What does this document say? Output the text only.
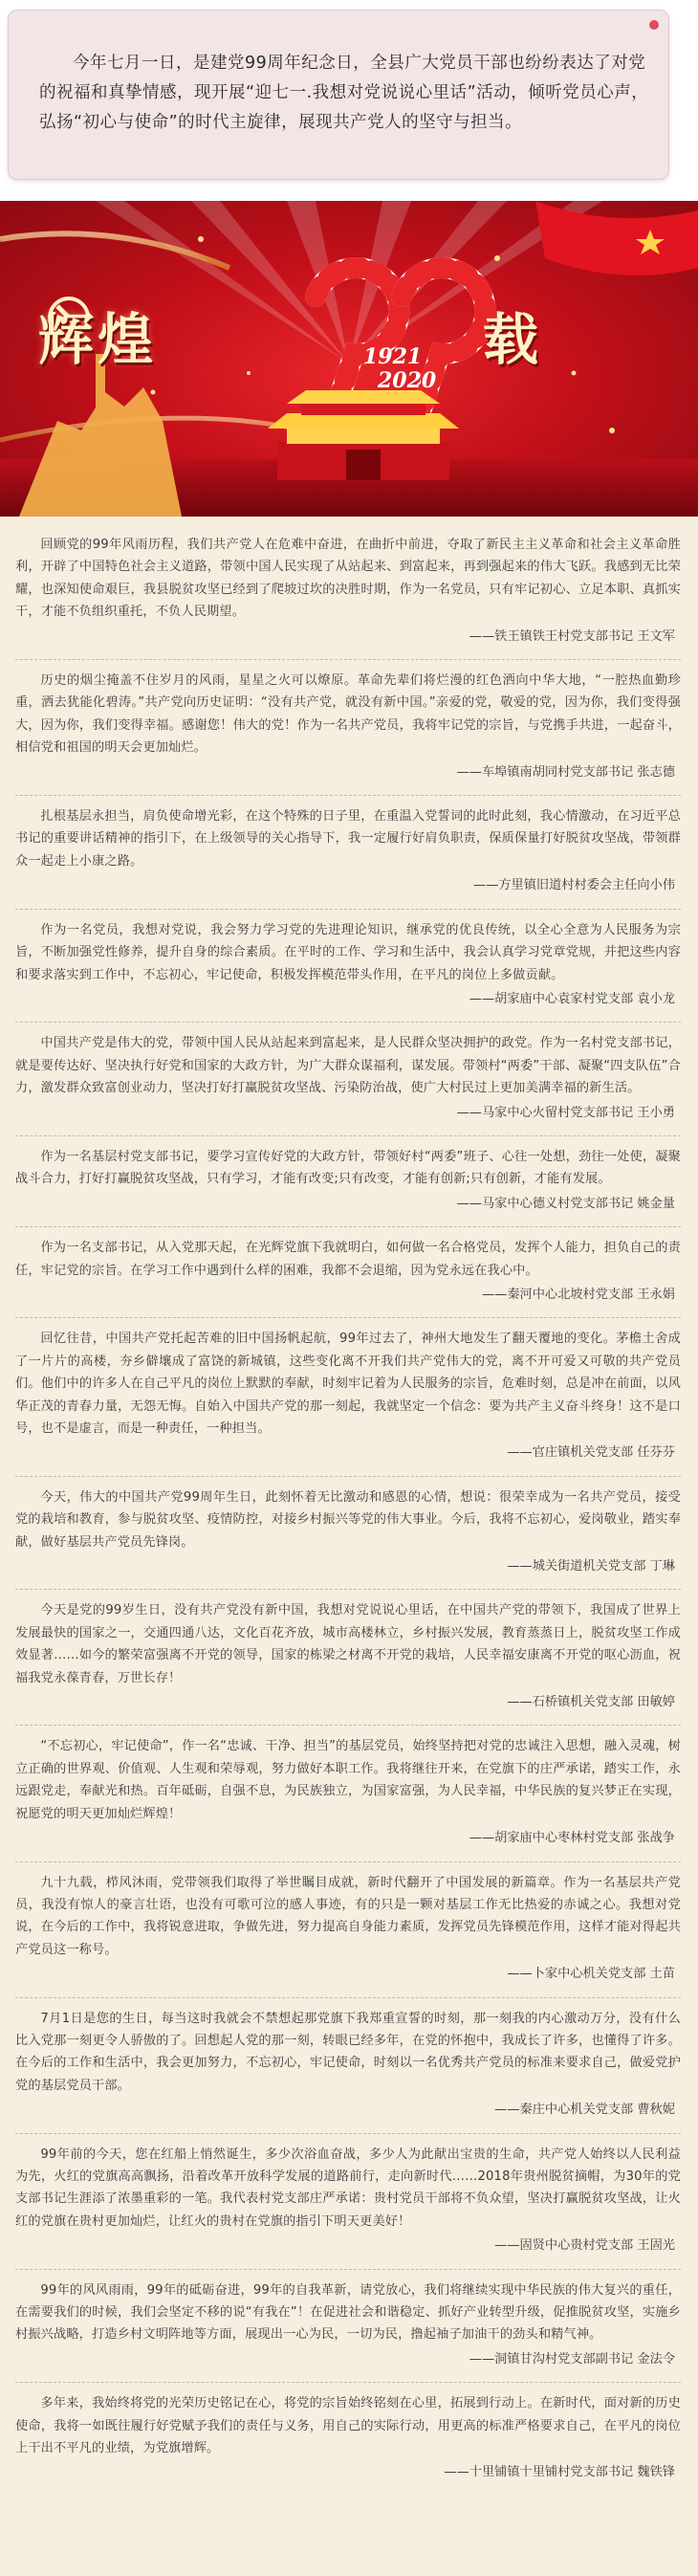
今年七月一日，是建党99周年纪念日，全县广大党员干部也纷纷表达了对党的祝福和真挚情感，现开展“迎七一.我想对党说说心里话”活动，倾听党员心声，弘扬“初心与使命”的时代主旋律，展现共产党人的坚守与担当。

辉煌	载
1921
2020

回顾党的99年风雨历程，我们共产党人在危难中奋进，在曲折中前进，夺取了新民主主义革命和社会主义革命胜利，开辟了中国特色社会主义道路，带领中国人民实现了从站起来、到富起来，再到强起来的伟大飞跃。我感到无比荣耀，也深知使命艰巨，我县脱贫攻坚已经到了爬坡过坎的决胜时期，作为一名党员，只有牢记初心、立足本职、真抓实干，才能不负组织重托，不负人民期望。

——铁王镇铁王村党支部书记 王文军

历史的烟尘掩盖不住岁月的风雨，星星之火可以燎原。革命先辈们将烂漫的红色洒向中华大地，“一腔热血勤珍重，洒去犹能化碧涛。”共产党向历史证明：“没有共产党，就没有新中国。”亲爱的党，敬爱的党，因为你，我们变得强大，因为你，我们变得幸福。感谢您！伟大的党！作为一名共产党员，我将牢记党的宗旨，与党携手共进，一起奋斗，相信党和祖国的明天会更加灿烂。

——车埠镇南胡同村党支部书记 张志德

扎根基层永担当，肩负使命增光彩，在这个特殊的日子里，在重温入党誓词的此时此刻，我心情激动，在习近平总书记的重要讲话精神的指引下，在上级领导的关心指导下，我一定履行好肩负职责，保质保量打好脱贫攻坚战，带领群众一起走上小康之路。

——方里镇旧道村村委会主任向小伟

作为一名党员，我想对党说，我会努力学习党的先进理论知识，继承党的优良传统，以全心全意为人民服务为宗旨，不断加强党性修养，提升自身的综合素质。在平时的工作、学习和生活中，我会认真学习党章党规，并把这些内容和要求落实到工作中，不忘初心，牢记使命，积极发挥模范带头作用，在平凡的岗位上多做贡献。

——胡家庙中心袁家村党支部 袁小龙

中国共产党是伟大的党，带领中国人民从站起来到富起来，是人民群众坚决拥护的政党。作为一名村党支部书记，就是要传达好、坚决执行好党和国家的大政方针，为广大群众谋福利，谋发展。带领村“两委”干部、凝聚“四支队伍”合力，激发群众致富创业动力，坚决打好打赢脱贫攻坚战、污染防治战，使广大村民过上更加美满幸福的新生活。

——马家中心火留村党支部书记 王小勇

作为一名基层村党支部书记，要学习宣传好党的大政方针，带领好村“两委”班子、心往一处想，劲往一处使，凝聚战斗合力，打好打赢脱贫攻坚战，只有学习，才能有改变;只有改变，才能有创新;只有创新，才能有发展。

——马家中心德义村党支部书记 姚金量

作为一名支部书记，从入党那天起，在光辉党旗下我就明白，如何做一名合格党员，发挥个人能力，担负自己的责任，牢记党的宗旨。在学习工作中遇到什么样的困难，我都不会退缩，因为党永远在我心中。

——秦河中心北坡村党支部 王永娟

回忆往昔，中国共产党托起苦难的旧中国扬帆起航，99年过去了，神州大地发生了翻天覆地的变化。茅檐土舍成了一片片的高楼，夯乡僻壤成了富饶的新城镇，这些变化离不开我们共产党伟大的党，离不开可爱又可敬的共产党员们。他们中的许多人在自己平凡的岗位上默默的奉献，时刻牢记着为人民服务的宗旨，危难时刻，总是冲在前面，以风华正茂的青春力量，无怨无悔。自始入中国共产党的那一刻起，我就坚定一个信念：要为共产主义奋斗终身！这不是口号，也不是虚言，而是一种责任，一种担当。

——官庄镇机关党支部 任芬芬

今天，伟大的中国共产党99周年生日，此刻怀着无比激动和感恩的心情，想说：很荣幸成为一名共产党员，接受党的栽培和教育，参与脱贫攻坚、疫情防控，对接乡村振兴等党的伟大事业。今后，我将不忘初心，爱岗敬业，踏实奉献，做好基层共产党员先锋岗。

——城关街道机关党支部 丁琳

今天是党的99岁生日，没有共产党没有新中国，我想对党说说心里话，在中国共产党的带领下，我国成了世界上发展最快的国家之一，交通四通八达，文化百花齐放，城市高楼林立，乡村振兴发展，教育蒸蒸日上，脱贫攻坚工作成效显著……如今的繁荣富强离不开党的领导，国家的栋梁之材离不开党的栽培，人民幸福安康离不开党的呕心沥血，祝福我党永葆青春，万世长存！

——石桥镇机关党支部 田敏婷

“不忘初心，牢记使命”，作一名“忠诚、干净、担当”的基层党员，始终坚持把对党的忠诚注入思想，融入灵魂，树立正确的世界观、价值观、人生观和荣辱观，努力做好本职工作。我将继往开来，在党旗下的庄严承诺，踏实工作，永远跟党走，奉献光和热。百年砥砺，自强不息，为民族独立，为国家富强，为人民幸福，中华民族的复兴梦正在实现，祝愿党的明天更加灿烂辉煌！

——胡家庙中心枣林村党支部 张战争

九十九载，栉风沐雨，党带领我们取得了举世瞩目成就，新时代翻开了中国发展的新篇章。作为一名基层共产党员，我没有惊人的豪言壮语，也没有可歌可泣的感人事迹，有的只是一颗对基层工作无比热爱的赤诚之心。我想对党说，在今后的工作中，我将锐意进取，争做先进，努力提高自身能力素质，发挥党员先锋模范作用，这样才能对得起共产党员这一称号。

——卜家中心机关党支部 土苗

7月1日是您的生日，每当这时我就会不禁想起那党旗下我郑重宣誓的时刻，那一刻我的内心激动万分，没有什么比入党那一刻更令人骄傲的了。回想起人党的那一刻，转眼已经多年，在党的怀抱中，我成长了许多，也懂得了许多。在今后的工作和生活中，我会更加努力，不忘初心，牢记使命，时刻以一名优秀共产党员的标准来要求自己，做爱党护党的基层党员干部。

——秦庄中心机关党支部 曹秋妮

99年前的今天，您在红船上悄然诞生，多少次浴血奋战，多少人为此献出宝贵的生命，共产党人始终以人民利益为先，火红的党旗高高飘扬，沿着改革开放科学发展的道路前行，走向新时代……2018年贵州脱贫摘帽，为30年的党支部书记生涯添了浓墨重彩的一笔。我代表村党支部庄严承诺：贵村党员干部将不负众望，坚决打赢脱贫攻坚战，让火红的党旗在贵村更加灿烂，让红火的贵村在党旗的指引下明天更美好！

——固贤中心贵村党支部 王固光

99年的风风雨雨，99年的砥砺奋进，99年的自我革新，请党放心，我们将继续实现中华民族的伟大复兴的重任，在需要我们的时候，我们会坚定不移的说“有我在”！在促进社会和谐稳定、抓好产业转型升级，促推脱贫攻坚，实施乡村振兴战略，打造乡村文明阵地等方面，展现出一心为民，一切为民，撸起袖子加油干的劲头和精气神。

——洞镇甘沟村党支部副书记 金法令

多年来，我始终将党的光荣历史铭记在心，将党的宗旨始终铭刻在心里，拓展到行动上。在新时代，面对新的历史使命，我将一如既往履行好党赋予我们的责任与义务，用自己的实际行动，用更高的标准严格要求自己，在平凡的岗位上干出不平凡的业绩，为党旗增辉。

——十里铺镇十里铺村党支部书记 魏铁锋
